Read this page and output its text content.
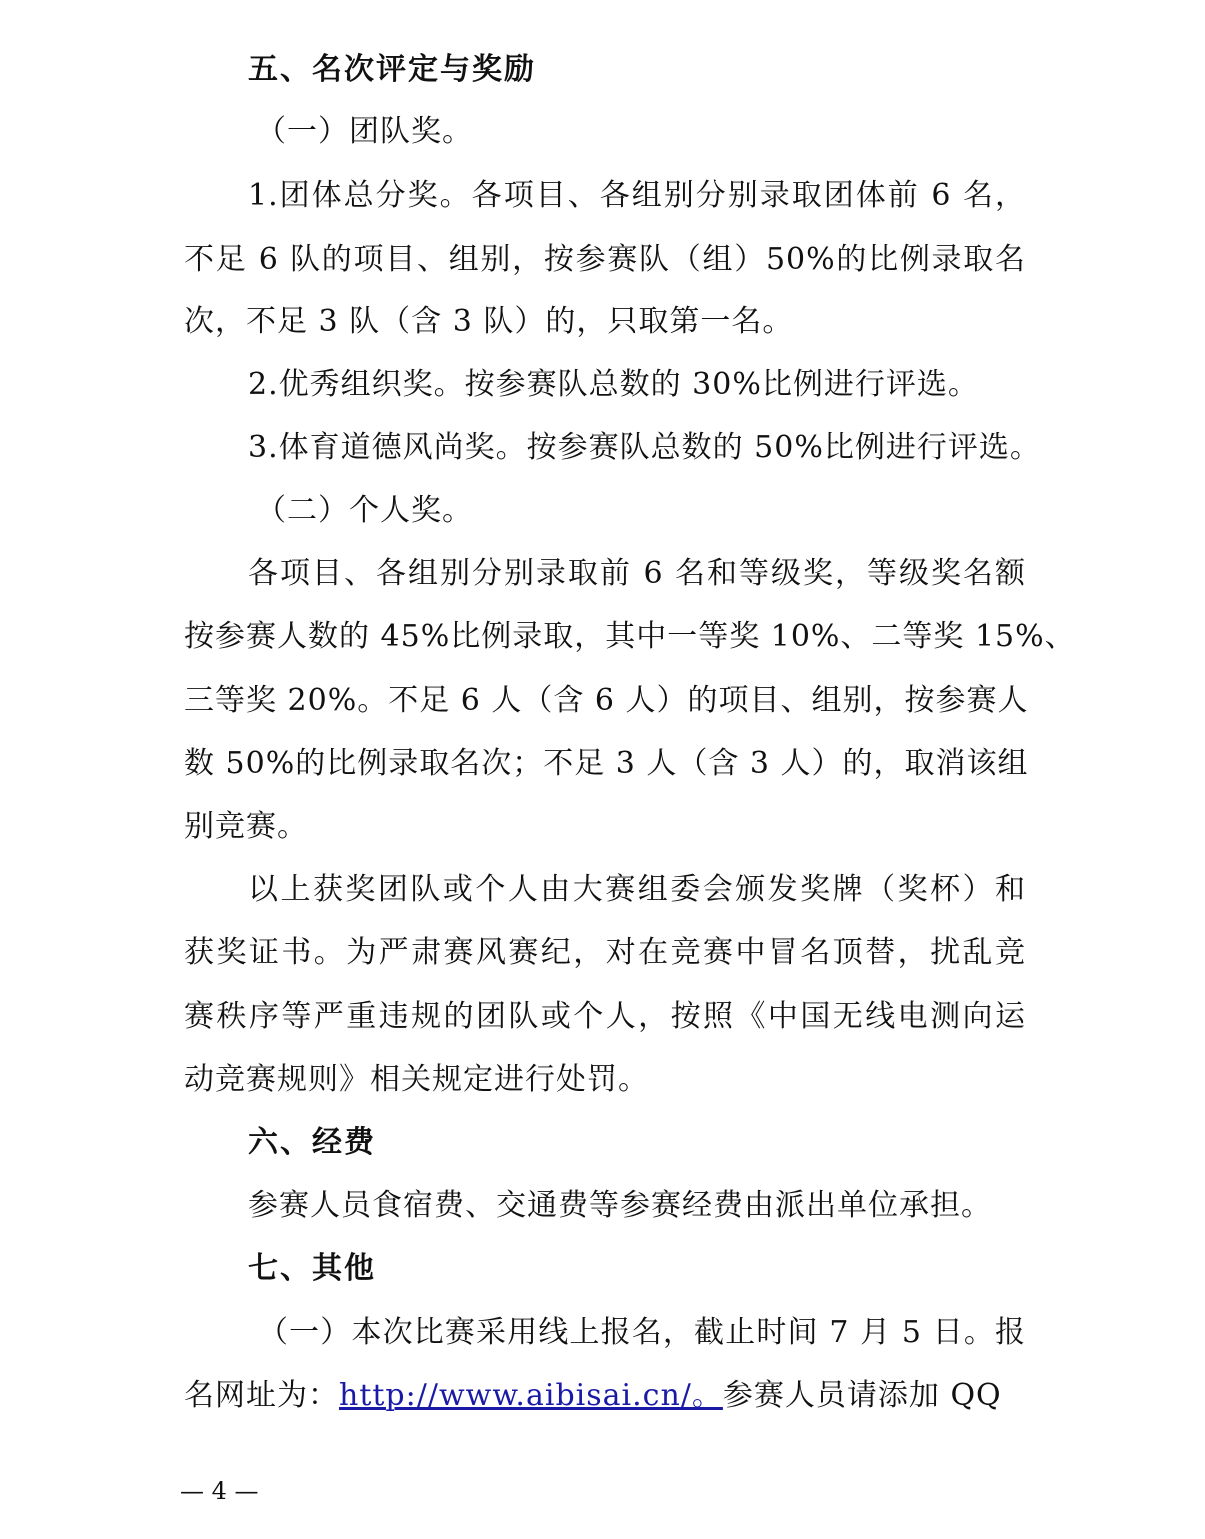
五、名次评定与奖励
（一）团队奖。
1.团体总分奖。各项目、各组别分别录取团体前 6 名，
不足 6 队的项目、组别，按参赛队（组）50%的比例录取名
次，不足 3 队（含 3 队）的，只取第一名。
2.优秀组织奖。按参赛队总数的 30%比例进行评选。
3.体育道德风尚奖。按参赛队总数的 50%比例进行评选。
（二）个人奖。
各项目、各组别分别录取前 6 名和等级奖，等级奖名额
按参赛人数的 45%比例录取，其中一等奖 10%、二等奖 15%、
三等奖 20%。不足 6 人（含 6 人）的项目、组别，按参赛人
数 50%的比例录取名次；不足 3 人（含 3 人）的，取消该组
别竞赛。
以上获奖团队或个人由大赛组委会颁发奖牌（奖杯）和
获奖证书。为严肃赛风赛纪，对在竞赛中冒名顶替，扰乱竞
赛秩序等严重违规的团队或个人，按照《中国无线电测向运
动竞赛规则》相关规定进行处罚。
六、经费
参赛人员食宿费、交通费等参赛经费由派出单位承担。
七、其他
（一）本次比赛采用线上报名，截止时间 7 月 5 日。报
名网址为：http://www.aibisai.cn/。参赛人员请添加 QQ
— 4 —
